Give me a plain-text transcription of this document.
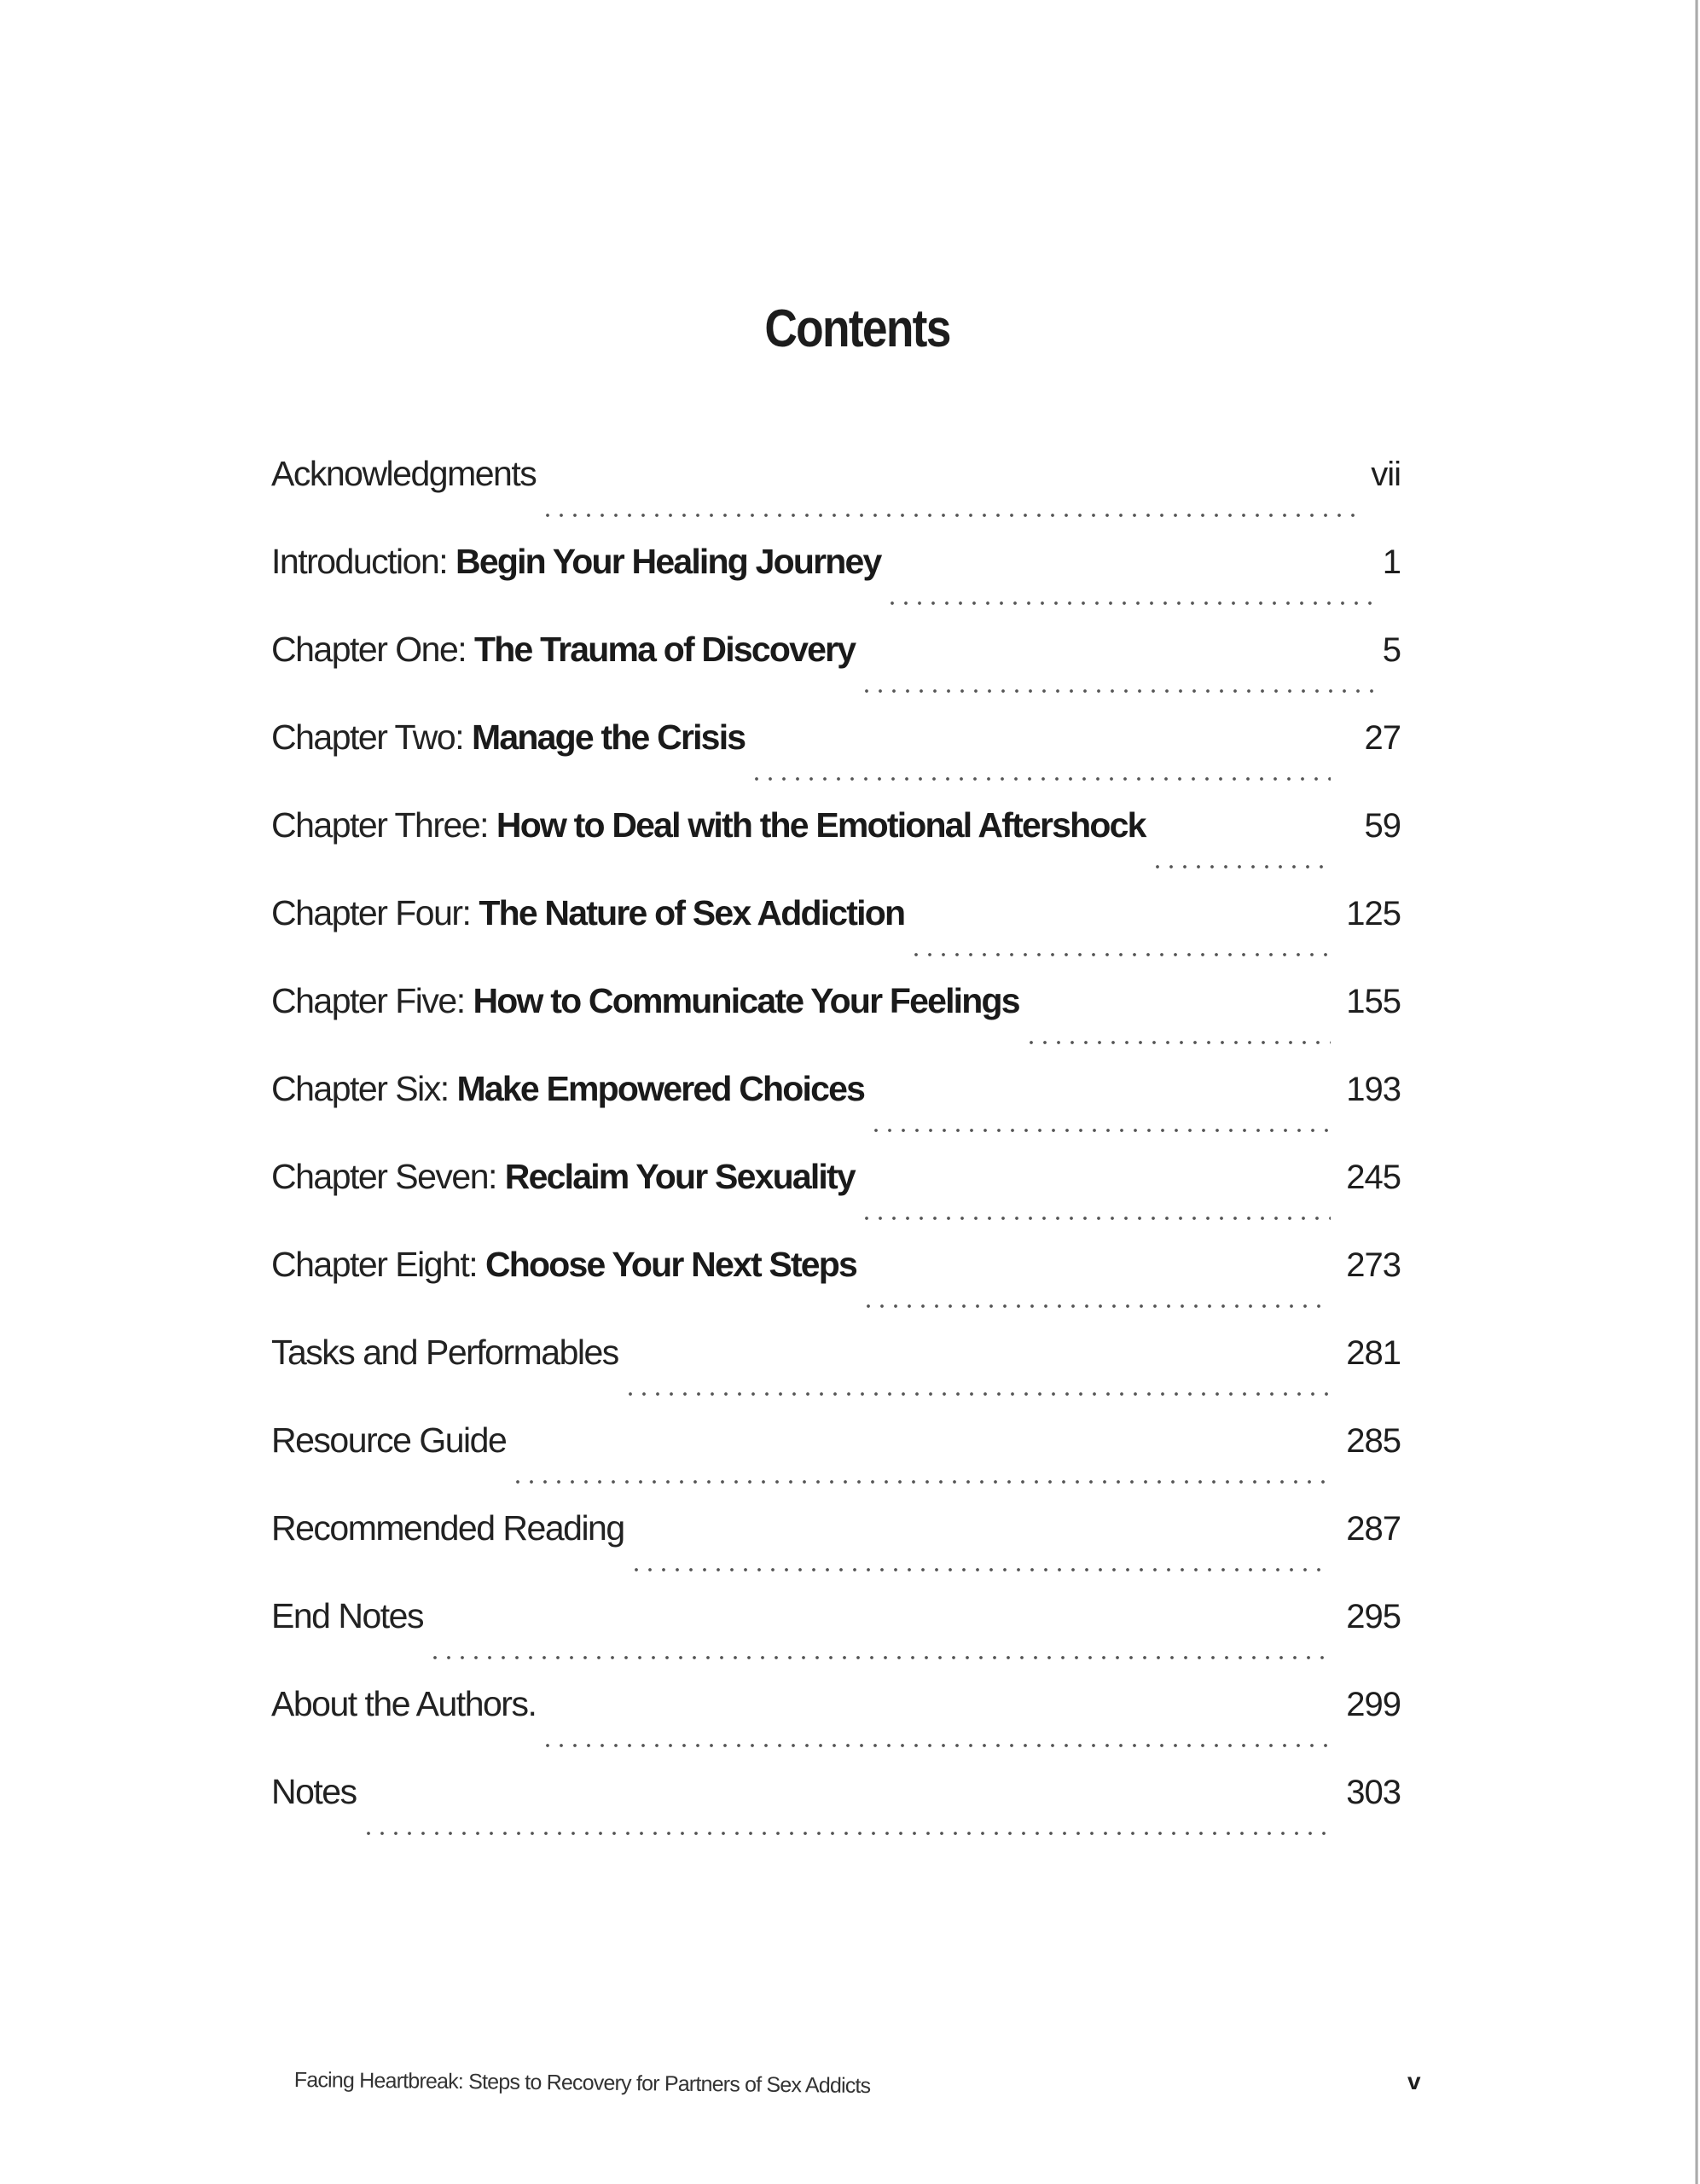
Contents
Acknowledgments	vii
Introduction: Begin Your Healing Journey	1
Chapter One: The Trauma of Discovery	5
Chapter Two: Manage the Crisis	27
Chapter Three: How to Deal with the Emotional Aftershock	59
Chapter Four: The Nature of Sex Addiction	125
Chapter Five: How to Communicate Your Feelings	155
Chapter Six: Make Empowered Choices	193
Chapter Seven: Reclaim Your Sexuality	245
Chapter Eight: Choose Your Next Steps	273
Tasks and Performables	281
Resource Guide	285
Recommended Reading	287
End Notes	295
About the Authors.	299
Notes	303
Facing Heartbreak: Steps to Recovery for Partners of Sex Addicts	v
